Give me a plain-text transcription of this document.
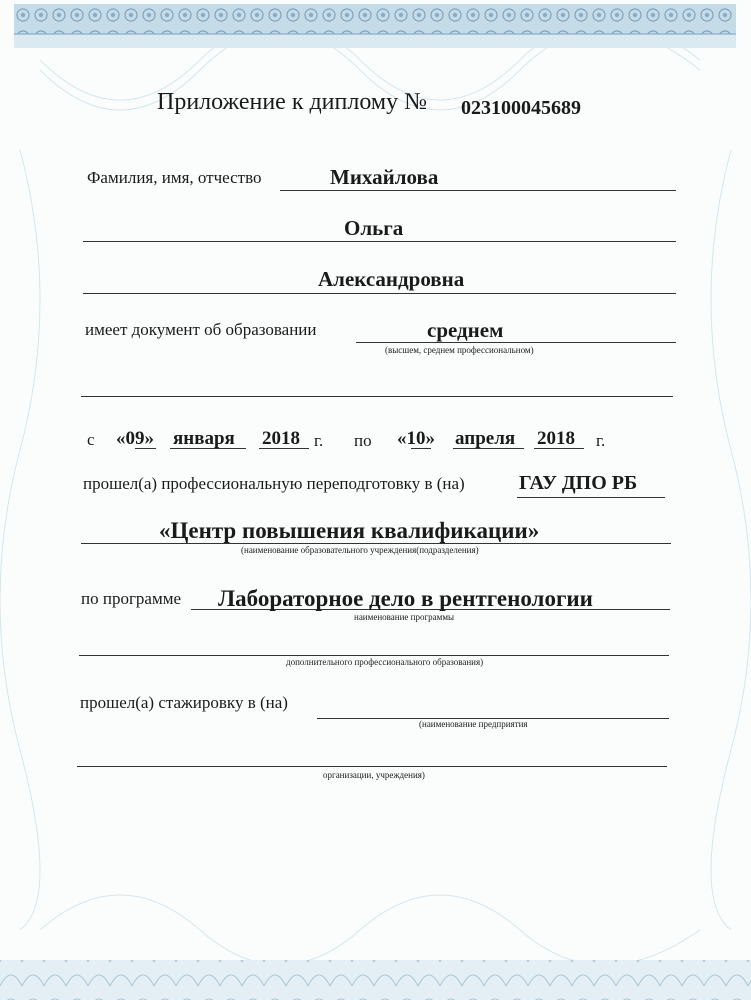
Приложение к диплому № 023100045689
Фамилия, имя, отчество	Михайлова
Ольга
Александровна
имеет документ об образовании	среднем
(высшем, среднем профессиональном)
с «09» января 2018 г. по «10» апреля 2018 г.
прошел(а) профессиональную переподготовку в (на)	ГАУ ДПО РБ
«Центр повышения квалификации»
(наименование образовательного учреждения(подразделения)
по программе Лабораторное дело в рентгенологии
наименование программы
дополнительного профессионального образования)
прошел(а) стажировку в (на)
(наименование предприятия
организации, учреждения)
